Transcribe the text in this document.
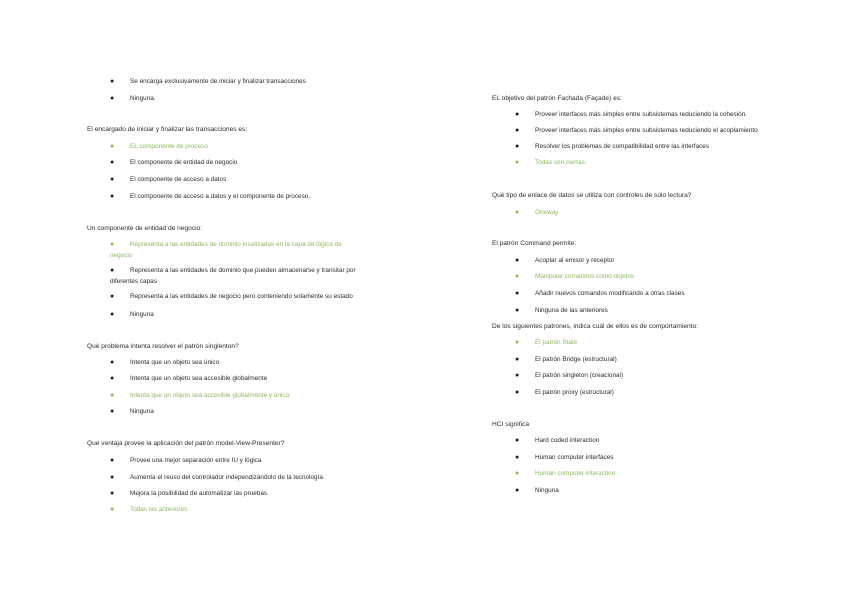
● Se encarga exclusivamente de iniciar y finalizar transacciones
● Ninguna.
El encargado de iniciar y finalizar las transacciones es:
● EL componente de proceso
● El componente de entidad de negocio
● El componente de acceso a datos
● El componente de acceso a datos y el componente de proceso.
Un componente de entidad de negocio:
● Representa a las entidades de dominio localizadas en la capa de lógica de
negocio
● Representa a las entidades de dominio que pueden almacenarse y transitar por
diferentes capas
● Representa a las entidades de negocio pero conteniendo solamente su estado
● Ninguna
Qué problema intenta resolver el patrón singlenton?
● Intenta que un objeto sea único
● Intenta que un objeto sea accesible globalmente
● Intenta que un objeto sea accesible globalmente y único
● Ninguna
Que ventaja provee la aplicación del patrón model-View-Presenter?
● Provee una mejor separación entre IU y lógica
● Aumenta el reuso del controlador independizándolo de la tecnología
● Mejora la posibilidad de automatizar las pruebas
● Todas las anteriores
EL objetivo del patrón Fachada (Façade) es:
● Proveer interfaces más simples entre subsistemas reduciendo la cohesión.
● Proveer interfaces más simples entre subsistemas reduciendo el acoplamiento
● Resolver los problemas de compatibilidad entre las interfaces
● Todas son ciertas.
Qué tipo de enlace de datos se utiliza con controles de solo lectura?
● Oneway
El patrón Command permite:
● Acoplar al emisor y receptor
● Manipular comandos como objetos
● Añadir nuevos comandos modificando a otras clases
● Ninguna de las anteriores
De los siguientes patrones, indica cuál de ellos es de comportamiento:
● El patrón State
● El patrón Bridge (estructural)
● El patrón singleton (creacional)
● El patrón proxy (estructural)
HCI significa
● Hard coded interaction
● Human computer interfaces
● Human computer interaction
● Ninguna
